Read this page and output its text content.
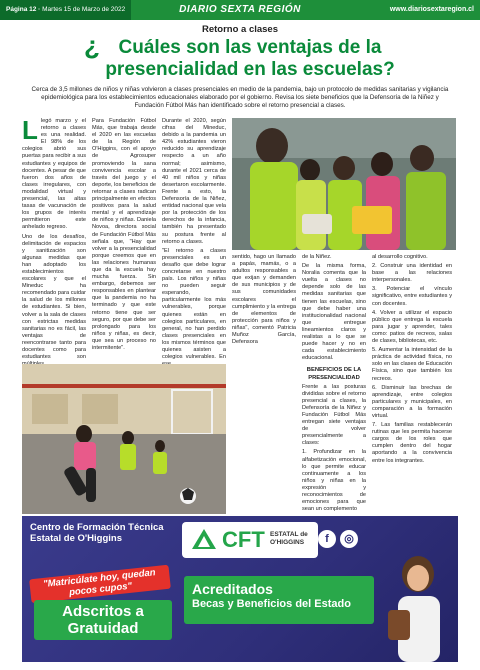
Página 12 · Martes 15 de Marzo de 2022	DIARIO SEXTA REGIÓN	www.diariosextaregion.cl
Retorno a clases
¿ Cuáles son las ventajas de la presencialidad en las escuelas?
Cerca de 3,5 millones de niños y niñas volvieron a clases presenciales en medio de la pandemia, bajo un protocolo de medidas sanitarias y vigilancia epidemiológica para los establecimientos educacionales elaborado por el gobierno. Revisa los siete beneficios que la Defensoría de la Niñez y Fundación Fútbol Más han identificado sobre el retorno presencial a clases.
L legó marzo y el retorno a clases es una realidad. El 98% de los colegios abrió sus puertas para recibir a sus estudiantes y equipos de docentes. A pesar de que fueron dos años de clases irregulares, con modalidad virtual y presencial, las altas tasas de vacunación de los grupos de interés permitieron este anhelado regreso.
Uno de los desafíos, delimitación de espacios y sanitización son algunas medidas que han adoptado los establecimientos escolares y que el Mineduc ha recomendado para cuidar la salud de los millones de estudiantes. Si bien, volver a la sala de clases con estrictas medidas sanitarias no es fácil, las ventajas de reencontrarse tanto para docentes como para estudiantes son
Para Fundación Fútbol Más, que trabaja desde el 2020 en las escuelas de la Región de O'Higgins, con el apoyo de Agrosuper promoviendo la sana convivencia escolar a través del juego y el deporte, los beneficios de retornar a clases radican principalmente en efectos positivos para la salud mental y el aprendizaje de niños y niñas. Daniela Novoa, directora social de Fundación Fútbol Más señala que, "Hay que volver a la presencialidad porque creemos que en las relaciones humanas que da la escuela hay mucha fuerza. Sin embargo, debemos ser responsables en plantear que la pandemia no ha terminado y que este retorno tiene que ser seguro, por que debe ser prolongado para los niños y niñas, es decir, que sea un proceso no intermitente".
Durante el 2020, según cifras del Mineduc, debido a la pandemia un 42% estudiantes vieron reducido su aprendizaje respecto a un año normal; asimismo, durante el 2021 cerca de 40 mil niños y niñas desertaron escolarmente. Frente a esto, la Defensoría de la Niñez, entidad nacional que vela por la protección de los derechos de la infancia, también ha presentado su postura frente al retorno a clases.
"El retorno a clases presenciales es un desafío que debe lograr concretarse en nuestro país. Los niños y niñas no pueden seguir esperando, particularmente los más vulnerables, porque quienes están en colegios particulares, en general, no han perdido clases presenciales en los mismos términos que quienes asisten a colegios vulnerables. En
sentido, hago un llamado a papás, mamás, o a adultos responsables a que exijan y demanden de sus municipios y de sus comunidades escolares el cumplimiento y la entrega de elementos de protección para niños y niñas", comentó Patricia Muñoz García, Defensora
de la Niñez.
De la misma forma, Noralia comenta que la vuelta a clases no depende solo de las medidas sanitarias que tienen las escuelas, sino que debe haber una institucionalidad nacional que entregue lineamientos claros y realistas a lo que se puede hacer y no en cada establecimiento educacional.
BENEFICIOS DE LA PRESENCIALIDAD
Frente a las posturas divididas sobre el retorno presencial a clases, la Defensoría de la Niñez y Fundación Fútbol Más entregan siete ventajas de volver presencialmente a clases:
1. Profundizar en la alfabetización emocional, lo que permite educar continuamente a los niños y niñas en la expresión y reconocimientos de emociones para que sean un complemento
al desarrollo cognitivo.
2. Construir una identidad en base a las relaciones interpersonales.
3. Potenciar el vínculo significativo, entre estudiantes y con docentes.
4. Volver a utilizar el espacio público que entrega la escuela para jugar y aprender, tales como: patios de recreos, salas de clases, bibliotecas, etc.
5. Aumentar la intensidad de la práctica de actividad física, no solo en las clases de Educación Física, sino que también los recreos.
6. Disminuir las brechas de aprendizaje, entre colegios particulares y municipales, en comparación a la formación virtual.
7. Las familias restablecerán rutinas que les permita hacerse cargos de los roles que cumplen dentro del hogar aportando a la convivencia entre los integrantes.
Centro de Formación Técnica Estatal de O'Higgins	CFT ESTATAL de O'HIGGINS	f	◎
"Matricúlate hoy, quedan pocos cupos"
Adscritos a Gratuidad
Acreditados
Becas y Beneficios del Estado
